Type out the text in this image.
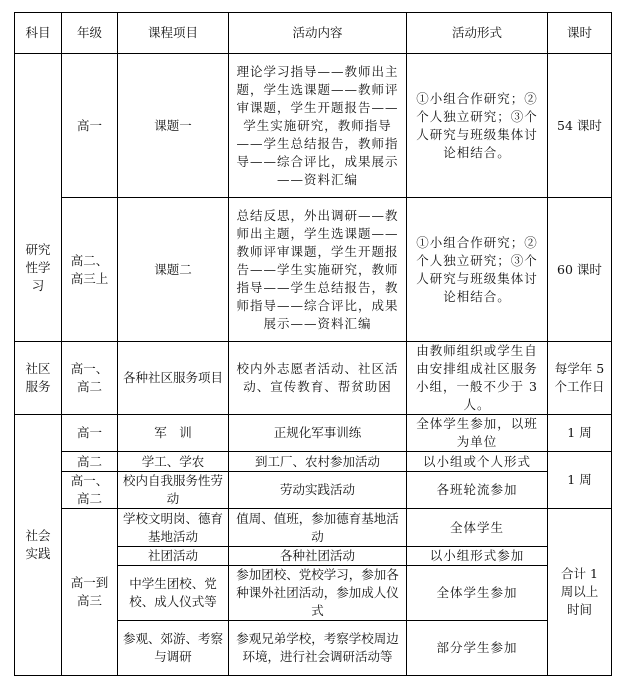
科目	年级	课程项目	活动内容	活动形式	课时
研究性学习	高一	课题一	理论学习指导——教师出主题，学生选课题——教师评审课题，学生开题报告——学生实施研究，教师指导——学生总结报告，教师指导——综合评比，成果展示——资料汇编	①小组合作研究；②个人独立研究；③个人研究与班级集体讨论相结合。	54 课时
	高二、高三上	课题二	总结反思，外出调研——教师出主题，学生选课题——教师评审课题，学生开题报告——学生实施研究，教师指导——学生总结报告，教师指导——综合评比，成果展示——资料汇编	①小组合作研究；②个人独立研究；③个人研究与班级集体讨论相结合。	60 课时
社区服务	高一、高二	各种社区服务项目	校内外志愿者活动、社区活动、宣传教育、帮贫助困	由教师组织或学生自由安排组成社区服务小组，一般不少于 3 人。	每学年 5 个工作日
社会实践	高一	军　训	正规化军事训练	全体学生参加，以班为单位	1 周
	高二	学工、学农	到工厂、农村参加活动	以小组或个人形式	1 周
	高一、高二	校内自我服务性劳动	劳动实践活动	各班轮流参加	
	高一到高三	学校文明岗、德育基地活动	值周、值班，参加德育基地活动	全体学生	合计 1 周以上时间
		社团活动	各种社团活动	以小组形式参加	
		中学生团校、党校、成人仪式等	参加团校、党校学习，参加各种课外社团活动，参加成人仪式	全体学生参加	
		参观、郊游、考察与调研	参观兄弟学校，考察学校周边环境，进行社会调研活动等	部分学生参加	
